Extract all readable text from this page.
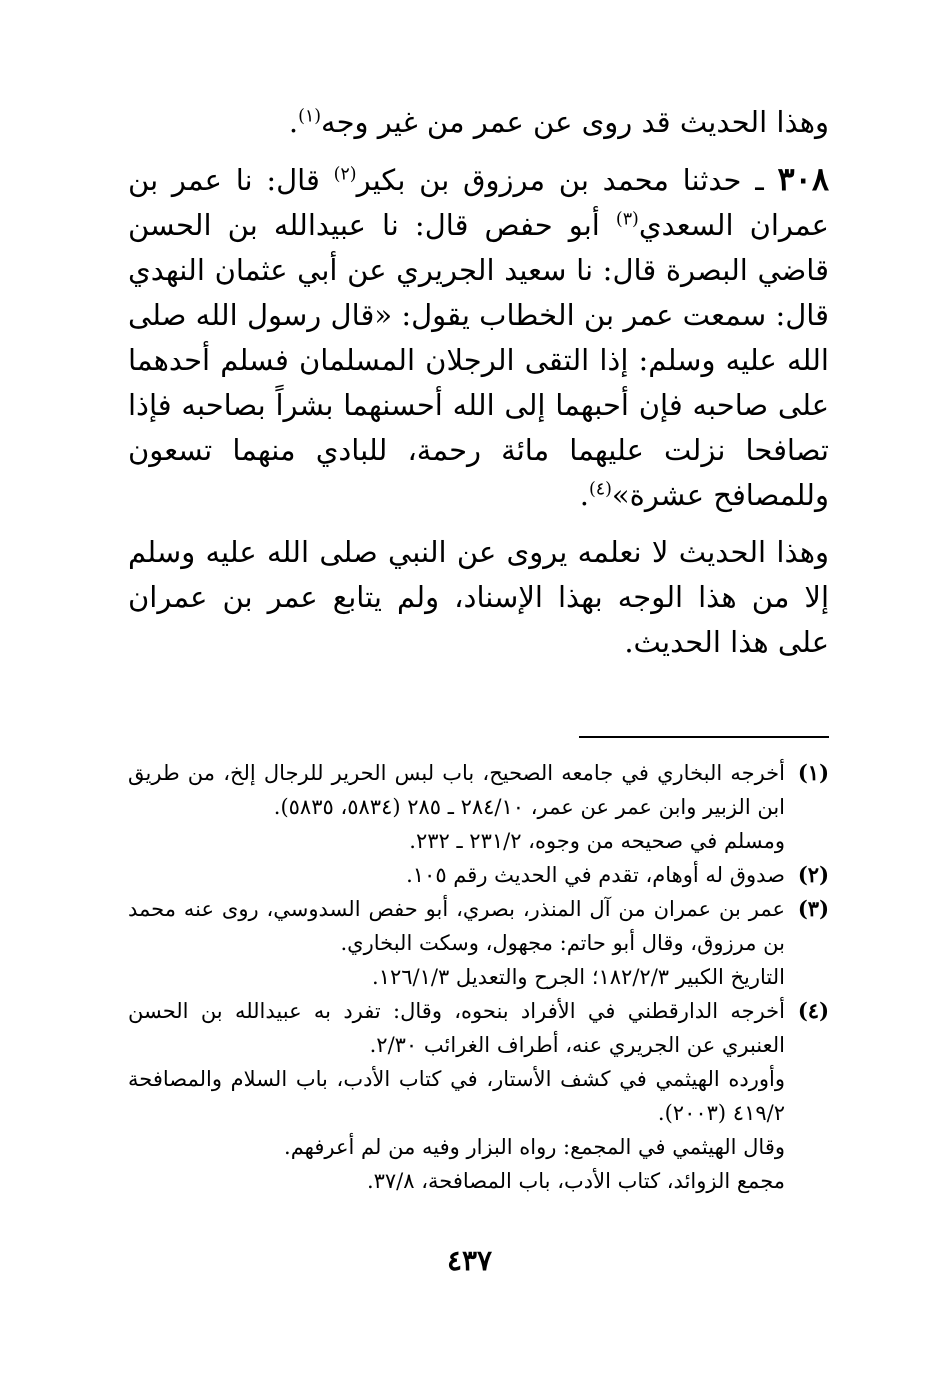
وهذا الحديث قد روى عن عمر من غير وجه$^{(١)}$.

٣٠٨ ـ حدثنا محمد بن مرزوق بن بكير$^{(٢)}$ قال: نا عمر بن عمران السعدي$^{(٣)}$ أبو حفص قال: نا عبيدالله بن الحسن قاضي البصرة قال: نا سعيد الجريري عن أبي عثمان النهدي قال: سمعت عمر بن الخطاب يقول: «قال رسول الله صلى الله عليه وسلم: إذا التقى الرجلان المسلمان فسلم أحدهما على صاحبه فإن أحبهما إلى الله أحسنهما بشراً بصاحبه فإذا تصافحا نزلت عليهما مائة رحمة، للبادي منهما تسعون وللمصافح عشرة»$^{(٤)}$.

وهذا الحديث لا نعلمه يروى عن النبي صلى الله عليه وسلم إلا من هذا الوجه بهذا الإسناد، ولم يتابع عمر بن عمران على هذا الحديث.

(١)
أخرجه البخاري في جامعه الصحيح، باب لبس الحرير للرجال إلخ، من طريق ابن الزبير وابن عمر عن عمر، ٢٨٤/١٠ ـ ٢٨٥ (٥٨٣٤، ٥٨٣٥).
ومسلم في صحيحه من وجوه، ٢٣١/٢ ـ ٢٣٢.
(٢)
صدوق له أوهام، تقدم في الحديث رقم ١٠٥.
(٣)
عمر بن عمران من آل المنذر، بصري، أبو حفص السدوسي، روى عنه محمد بن مرزوق، وقال أبو حاتم: مجهول، وسكت البخاري.
التاريخ الكبير ١٨٢/٢/٣؛ الجرح والتعديل ١٢٦/١/٣.
(٤)
أخرجه الدارقطني في الأفراد بنحوه، وقال: تفرد به عبيدالله بن الحسن العنبري عن الجريري عنه، أطراف الغرائب ٢/٣٠.
وأورده الهيثمي في كشف الأستار، في كتاب الأدب، باب السلام والمصافحة ٤١٩/٢ (٢٠٠٣).
وقال الهيثمي في المجمع: رواه البزار وفيه من لم أعرفهم.
مجمع الزوائد، كتاب الأدب، باب المصافحة، ٣٧/٨.
٤٣٧
